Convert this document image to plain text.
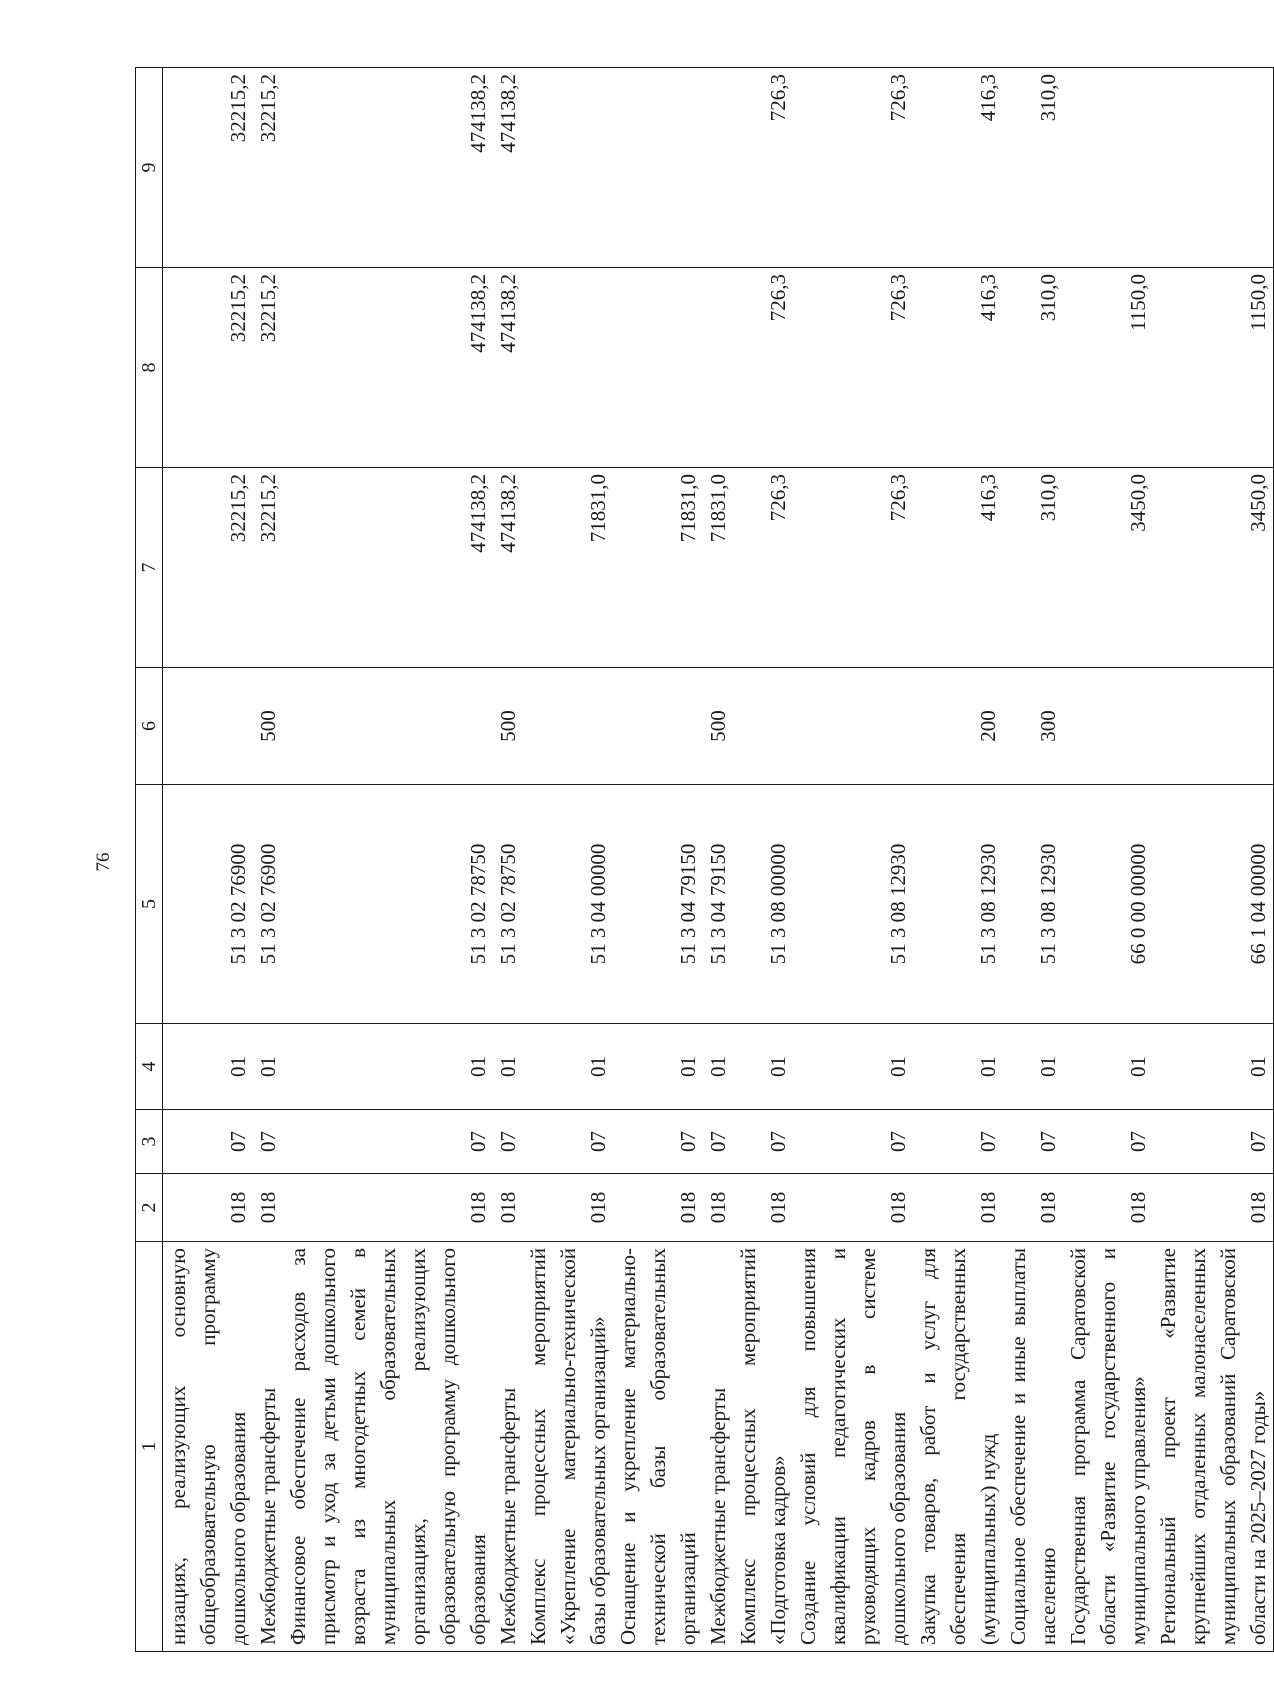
76
1	2	3	4	5	6	7	8	9
низациях, реализующих основную общеобразовательную программу дошкольного образования	018	07	01	51 3 02 76900		32215,2	32215,2	32215,2
Межбюджетные трансферты	018	07	01	51 3 02 76900	500	32215,2	32215,2	32215,2
Финансовое обеспечение расходов за присмотр и уход за детьми дошкольного возраста из многодетных семей в муниципальных образовательных организациях, реализующих образовательную программу дошкольного образования	018	07	01	51 3 02 78750		474138,2	474138,2	474138,2
Межбюджетные трансферты	018	07	01	51 3 02 78750	500	474138,2	474138,2	474138,2
Комплекс процессных мероприятий «Укрепление материально-технической базы образовательных организаций»	018	07	01	51 3 04 00000		71831,0		
Оснащение и укрепление материально-технической базы образовательных организаций	018	07	01	51 3 04 79150		71831,0		
Межбюджетные трансферты	018	07	01	51 3 04 79150	500	71831,0		
Комплекс процессных мероприятий «Подготовка кадров»	018	07	01	51 3 08 00000		726,3	726,3	726,3
Создание условий для повышения квалификации педагогических и руководящих кадров в системе дошкольного образования	018	07	01	51 3 08 12930		726,3	726,3	726,3
Закупка товаров, работ и услуг для обеспечения государственных (муниципальных) нужд	018	07	01	51 3 08 12930	200	416,3	416,3	416,3
Социальное обеспечение и иные выплаты населению	018	07	01	51 3 08 12930	300	310,0	310,0	310,0
Государственная программа Саратовской области «Развитие государственного и муниципального управления»	018	07	01	66 0 00 00000		3450,0	1150,0	
Региональный проект «Развитие крупнейших отдаленных малонаселенных муниципальных образований Саратовской области на 2025–2027 годы»	018	07	01	66 1 04 00000		3450,0	1150,0	
